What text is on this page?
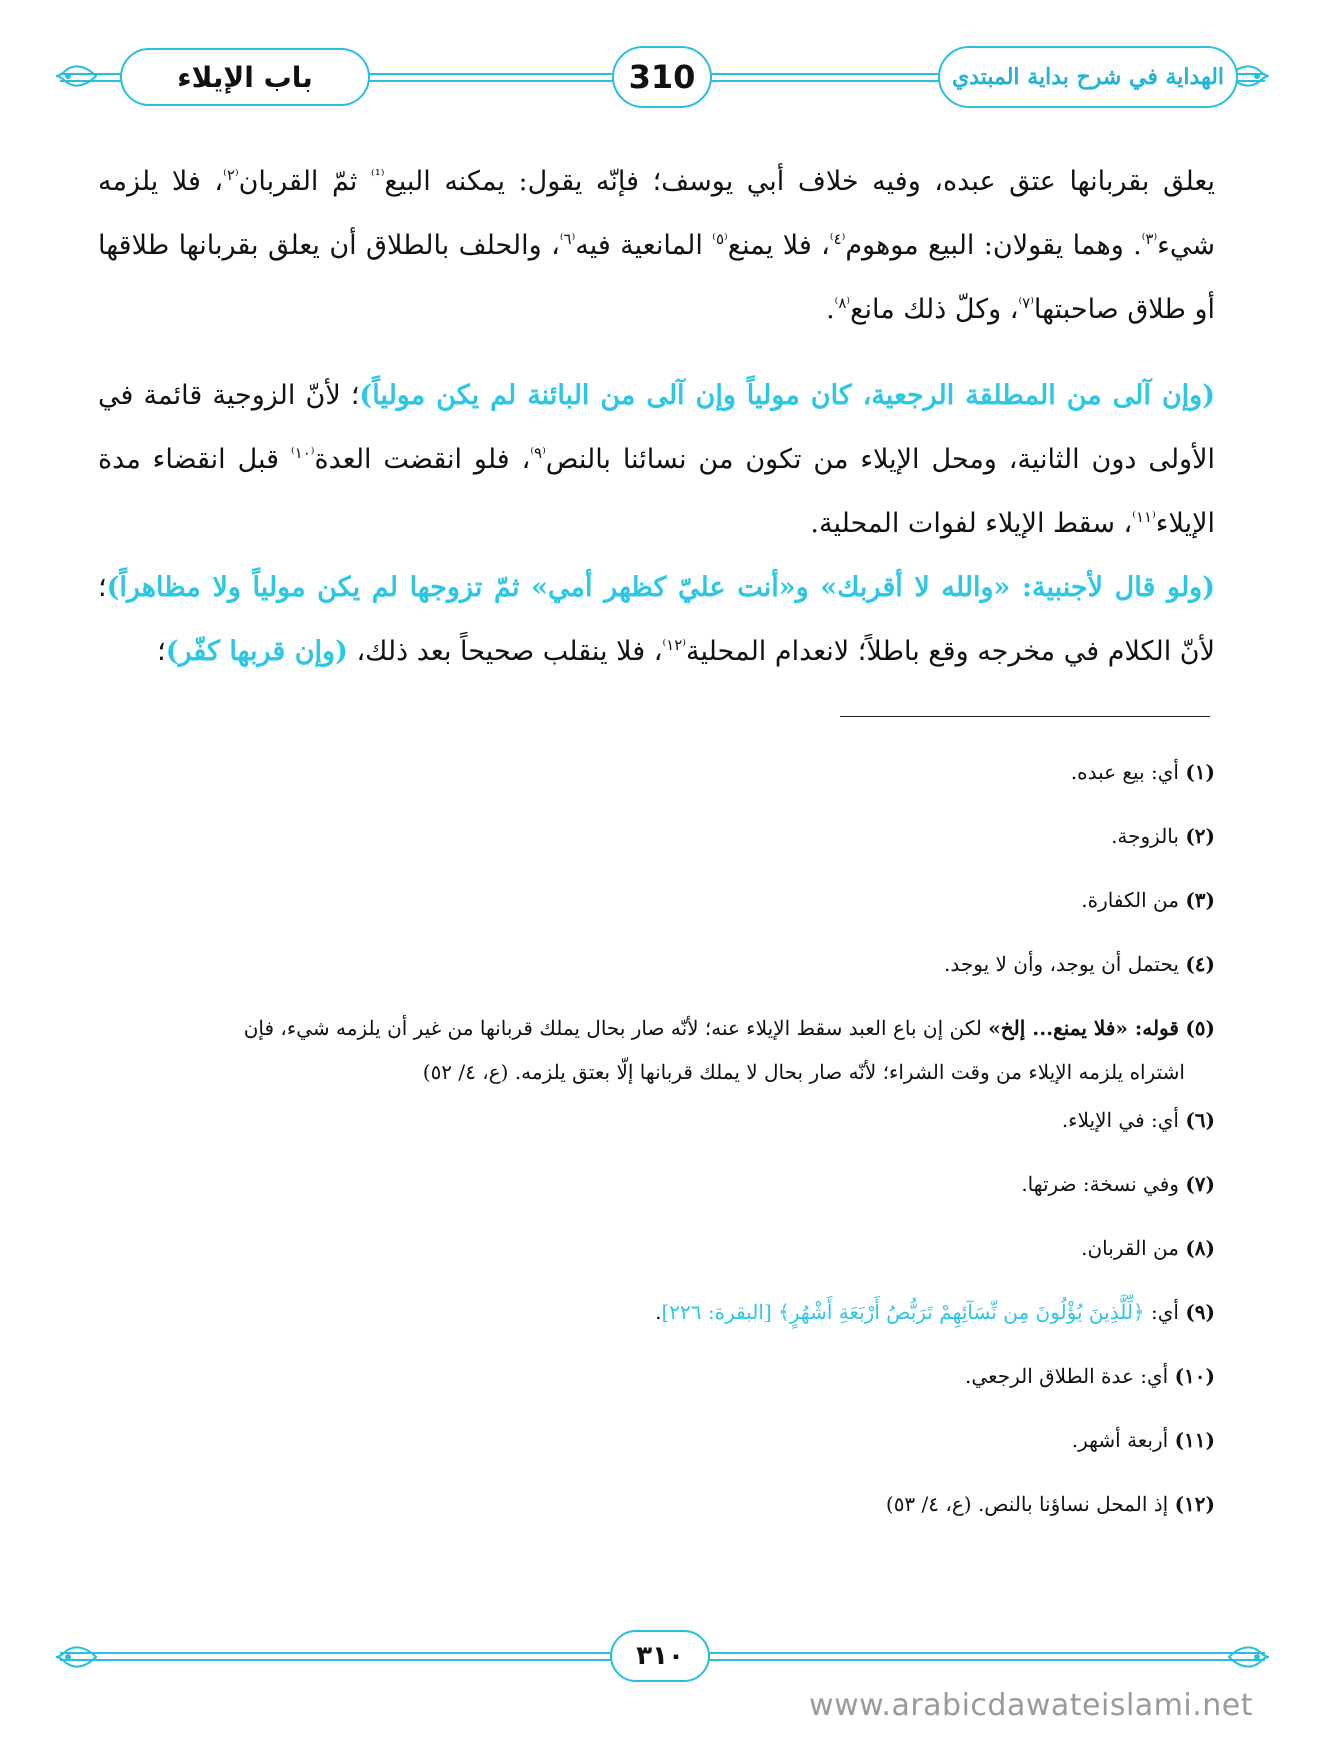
باب الإيلاء	310	الهداية في شرح بداية المبتدي

يعلق بقربانها عتق عبده، وفيه خلاف أبي يوسف؛ فإنّه يقول: يمكنه البيع$^{^{(1)}}$ ثمّ القربان$^{^(٢^)}$، فلا يلزمه شيء$^{^(٣^)}$. وهما يقولان: البيع موهوم$^{^(٤^)}$، فلا يمنع$^{^(٥^)}$ المانعية فيه$^{^(٦^)}$، والحلف بالطلاق أن يعلق بقربانها طلاقها أو طلاق صاحبتها$^{^(٧^)}$، وكلّ ذلك مانع$^{^(٨^)}$.

(وإن آلى من المطلقة الرجعية، كان مولياً وإن آلى من البائنة لم يكن مولياً)؛ لأنّ الزوجية قائمة في الأولى دون الثانية، ومحل الإيلاء من تكون من نسائنا بالنص$^{^(٩^)}$، فلو انقضت العدة$^{^(١٠^)}$ قبل انقضاء مدة الإيلاء$^{^(١١^)}$، سقط الإيلاء لفوات المحلية.

(ولو قال لأجنبية: «والله لا أقربك» و«أنت عليّ كظهر أمي» ثمّ تزوجها لم يكن مولياً ولا مظاهراً)؛ لأنّ الكلام في مخرجه وقع باطلاً؛ لانعدام المحلية$^{^(١٢^)}$، فلا ينقلب صحيحاً بعد ذلك، (وإن قربها كفّر)؛

(١) أي: بيع عبده.
(٢) بالزوجة.
(٣) من الكفارة.
(٤) يحتمل أن يوجد، وأن لا يوجد.
(٥) قوله: «فلا يمنع... إلخ» لكن إن باع العبد سقط الإيلاء عنه؛ لأنّه صار بحال يملك قربانها من غير أن يلزمه شيء، فإن
اشتراه يلزمه الإيلاء من وقت الشراء؛ لأنّه صار بحال لا يملك قربانها إلّا بعتق يلزمه. (ع، ٤/ ٥٢)
(٦) أي: في الإيلاء.
(٧) وفي نسخة: ضرتها.
(٨) من القربان.
(٩) أي: ﴿لِّلَّذِينَ يُؤْلُونَ مِن نِّسَآئِهِمْ تَرَبُّصُ أَرْبَعَةِ أَشْهُرٍ﴾ [البقرة: ٢٢٦].
(١٠) أي: عدة الطلاق الرجعي.
(١١) أربعة أشهر.
(١٢) إذ المحل نساؤنا بالنص. (ع، ٤/ ٥٣)
٣١٠
www.arabicdawateislami.net
